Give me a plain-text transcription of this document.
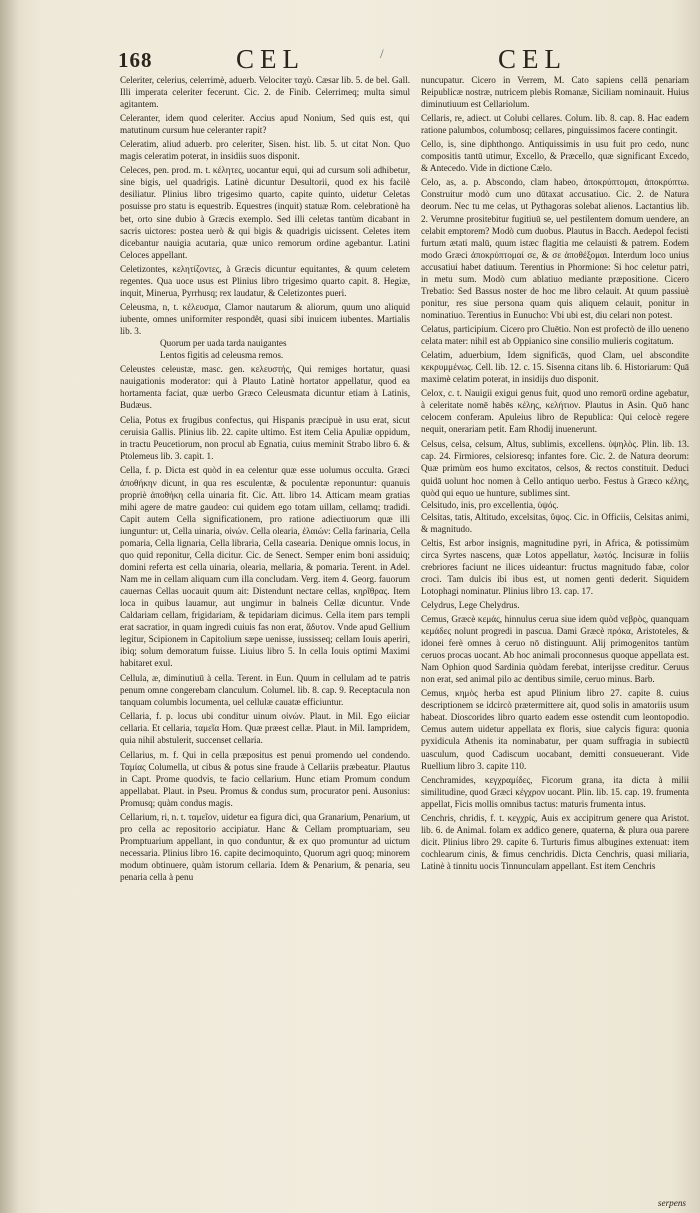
168	CEL	/	CEL

Celeriter, celerius, celerrimè, aduerb. Velociter ταχὺ. Cæsar lib. 5. de bel. Gall. Illi imperata celeriter fecerunt. Cic. 2. de Finib. Celerrimeq; multa simul agitantem.

Celeranter, idem quod celeriter. Accius apud Nonium, Sed quis est, qui matutinum cursum hue celeranter rapit?

Celeratim, aliud aduerb. pro celeriter, Sisen. hist. lib. 5. ut citat Non. Quo magis celeratim poterat, in insidiis suos disponit.

Celeces, pen. prod. m. t. κέλητες, uocantur equi, qui ad cursum soli adhibetur, sine bigis, uel quadrigis. Latinè dicuntur Desultorii, quod ex his facilè desiliatur. Plinius libro trigesimo quarto, capite quinto, uidetur Celetas posuisse pro statu is equestrib. Equestres (inquit) statuæ Rom. celebrationè ha bet, orto sine dubio à Græcis exemplo. Sed illi celetas tantùm dicabant in sacris uictores: postea uerò & qui bigis & quadrigis uicissent. Celetes item dicebantur nauigia acutaria, quæ unico remorum ordine agebantur. Latini Celoces appellant.

Celetizontes, κελητίζοντες, à Græcis dicuntur equitantes, & quum celetem regentes. Qua uoce usus est Plinius libro trigesimo quarto capit. 8. Hegiæ, inquit, Minerua, Pyrrhusq; rex laudatur, & Celetizontes pueri.

Celeusma, n, t. κέλευσμα, Clamor nautarum & aliorum, quum uno aliquid iubente, omnes uniformiter respondêt, quasi sibi inuicem iubentes. Martialis lib. 3.

Quorum per uada tarda nauigantes

Lentos figitis ad celeusma remos.

Celeustes celeustæ, masc. gen. κελευστής, Qui remiges hortatur, quasi nauigationis moderator: qui à Plauto Latinè hortator appellatur, quod ea hortamenta faciat, quæ uerbo Græco Celeusmata dicuntur etiam à Latinis, Budæus.

Celia, Potus ex frugibus confectus, qui Hispanis præcipuè in usu erat, sicut ceruisia Gallis. Plinius lib. 22. capite ultimo. Est item Celia Apuliæ oppidum, in tractu Peucetiorum, non procul ab Egnatia, cuius meminit Strabo libro 6. & Ptolemeus lib. 3. capit. 1.

Cella, f. p. Dicta est quòd in ea celentur quæ esse uolumus occulta. Græci ἀποθήκην dicunt, in qua res esculentæ, & poculentæ reponuntur: quanuis propriè ἀποθήκη cella uinaria fit. Cic. Att. libro 14. Atticam meam gratias mihi agere de matre gaudeo: cui quidem ego totam uillam, cellamq; tradidi. Capit autem Cella significationem, pro ratione adiectiuorum quæ illi iunguntur: ut, Cella uinaria, οἰνών. Cella olearia, ἐλαιών: Cella farinaria, Cella pomaria, Cella lignaria, Cella libraria, Cella casearia. Denique omnis locus, in quo quid reponitur, Cella dicitur. Cic. de Senect. Semper enim boni assiduiq; domini referta est cella uinaria, olearia, mellaria, & pomaria. Terent. in Adel. Nam me in cellam aliquam cum illa concludam. Verg. item 4. Georg. fauorum cauernas Cellas uocauit quum ait: Distendunt nectare cellas, κηρῖθρας. Item loca in quibus lauamur, aut ungimur in balneis Cellæ dicuntur. Vnde Caldariam cellam, frigidariam, & tepidariam dicimus. Cella item pars templi erat sacratior, in quam ingredi cuiuis fas non erat, ἄδυτον. Vnde apud Gellium legitur, Scipionem in Capitolium sæpe uenisse, iussisseq; cellam Iouis aperiri, ibiq; solum demoratum fuisse. Liuius libro 5. In cella Iouis optimi Maximi habitaret exul.

Cellula, æ, diminutiuū à cella. Terent. in Eun. Quum in cellulam ad te patris penum omne congerebam clanculum. Columel. lib. 8. cap. 9. Receptacula non tanquam columbis locumenta, uel cellulæ cauatæ efficiuntur.

Cellaria, f. p. locus ubi conditur uinum οἰνών. Plaut. in Mil. Ego eiiciar cellaria. Et cellaria, ταμεῖα Hom. Quæ præest cellæ. Plaut. in Mil. Iampridem, quia nihil abstulerit, succenset cellaria.

Cellarius, m. f. Qui in cella præpositus est penui promendo uel condendo. Ταμίας Columella, ut cibus & potus sine fraude à Cellariis præbeatur. Plautus in Capt. Prome quodvis, te facio cellarium. Hunc etiam Promum condum appellabat. Plaut. in Pseu. Promus & condus sum, procurator peni. Ausonius: Promusq; quàm condus magis.

Cellarium, ri, n. t. ταμεῖον, uidetur ea figura dici, qua Granarium, Penarium, ut pro cella ac repositorio accipiatur. Hanc & Cellam promptuariam, seu Promptuarium appellant, in quo conduntur, & ex quo promuntur ad uictum necessaria. Plinius libro 16. capite decimoquinto, Quorum agri quoq; minorem modum obtinuere, quàm istorum cellaria. Idem & Penarium, & penaria, seu penaria cella à penu

nuncupatur. Cicero in Verrem, M. Cato sapiens cellā penariam Reipublicæ nostræ, nutricem plebis Romanæ, Siciliam nominauit. Huius diminutiuum est Cellariolum.

Cellaris, re, adiect. ut Colubi cellares. Colum. lib. 8. cap. 8. Hac eadem ratione palumbos, columbosq; cellares, pinguissimos facere contingit.

Cello, is, sine diphthongo. Antiquissimis in usu fuit pro cedo, nunc compositis tantū utimur, Excello, & Præcello, quæ significant Excedo, & Antecedo. Vide in dictione Cælo.

Celo, as, a. p. Abscondo, clam habeo, ἀποκρύπτομαι, ἀποκρύπτω. Construitur modò cum uno dūtaxat accusatiuo. Cic. 2. de Natura deorum. Nec tu me celas, ut Pythagoras solebat alienos. Lactantius lib. 2. Verumne prositebitur fugitiuū se, uel pestilentem domum uendere, an celabit emptorem? Modò cum duobus. Plautus in Bacch. Aedepol fecisti furtum ætati malū, quum istæc flagitia me celauisti & patrem. Eodem modo Græci ἀποκρύπτομαί σε, & σε ἀποθέξομαι. Interdum loco unius accusatiui habet datiuum. Terentius in Phormione: Si hoc celetur patri, in metu sum. Modò cum ablatiuo mediante præpositione. Cicero Trebatio: Sed Bassus noster de hoc me libro celauit. At quum passiuè ponitur, res siue persona quam quis aliquem celauit, ponitur in nominatiuo. Terentius in Eunucho: Vbi ubi est, diu celari non potest.

Celatus, participium. Cicero pro Cluētio. Non est profectò de illo ueneno celata mater: nihil est ab Oppianico sine consilio mulieris cogitatum.

Celatim, aduerbium, Idem significās, quod Clam, uel abscondite κεκρυμμένως. Cell. lib. 12. c. 15. Sisenna citans lib. 6. Historiarum: Quā maximè celatim poterat, in insidijs duo disponit.

Celox, c. t. Nauigii exigui genus fuit, quod uno remorū ordine agebatur, à celeritate nomē habēs κέλης, κελήτιον. Plautus in Asin. Quō hanc celocem conferam. Apuleius libro de Republica: Qui celocè regere nequit, onerariam petit. Eam Rhodij inuenerunt.

Celsus, celsa, celsum, Altus, sublimis, excellens. ὑψηλὸς. Plin. lib. 13. cap. 24. Firmiores, celsioresq; infantes fore. Cic. 2. de Natura deorum: Quæ primùm eos humo excitatos, celsos, & rectos constituit. Deduci quidā uolunt hoc nomen à Cello antiquo uerbo. Festus à Græco κέλης, quòd qui equo ue hunture, sublimes sint.

Celsitudo, inis, pro excellentia, ὑψός.

Celsitas, tatis, Altitudo, excelsitas, ὕψος. Cic. in Officiis, Celsitas animi, & magnitudo.

Celtis, Est arbor insignis, magnitudine pyri, in Africa, & potissimùm circa Syrtes nascens, quæ Lotos appellatur, λωτός. Incisuræ in foliis crebriores faciunt ne ilices uideantur: fructus magnitudo fabæ, color croci. Tam dulcis ibi ibus est, ut nomen genti dederit. Siquidem Lotophagi nominatur. Plinius libro 13. cap. 17.

Celydrus, Lege Chelydrus.

Cemus, Græcè κεμάς, hinnulus cerua siue idem quòd νεβρὸς, quanquam κεμάδες nolunt progredi in pascua. Dami Græcè πρόκα, Aristoteles, & idonei ferè omnes à ceruo nō distinguunt. Alij primogenitos tantùm ceruos procas uocant. Ab hoc animali proconnesus quoque appellata est. Nam Ophion quod Sardinia quòdam ferebat, interijsse creditur. Ceruus non erat, sed animal pilo ac dentibus simile, ceruo minus. Barb.

Cemus, κημὸς herba est apud Plinium libro 27. capite 8. cuius descriptionem se idcircò prætermittere ait, quod solis in amatoriis usum habeat. Dioscorides libro quarto eadem esse ostendit cum leontopodio. Cemus autem uidetur appellata ex floris, siue calycis figura: quonia pyxidicula Athenis ita nominabatur, per quam suffragia in subiectū uasculum, quod Cadiscum uocabant, demitti consueuerant. Vide Ruellium libro 3. capite 110.

Cenchramides, κεγχραμίδες, Ficorum grana, ita dicta à milii similitudine, quod Græci κέγχρον uocant. Plin. lib. 15. cap. 19. frumenta appellat, Ficis mollis omnibus tactus: maturis frumenta intus.

Cenchris, chridis, f. t. κεγχρίς, Auis ex accipitrum genere qua Aristot. lib. 6. de Animal. folam ex addico genere, quaterna, & plura oua parere dicit. Plinius libro 29. capite 6. Turturis fimus albugines extenuat: item cochlearum cinis, & fimus cenchridis. Dicta Cenchris, quasi miliaria, Latinè à tinnitu uocis Tinnunculam appellant. Est item Cenchris

serpens
